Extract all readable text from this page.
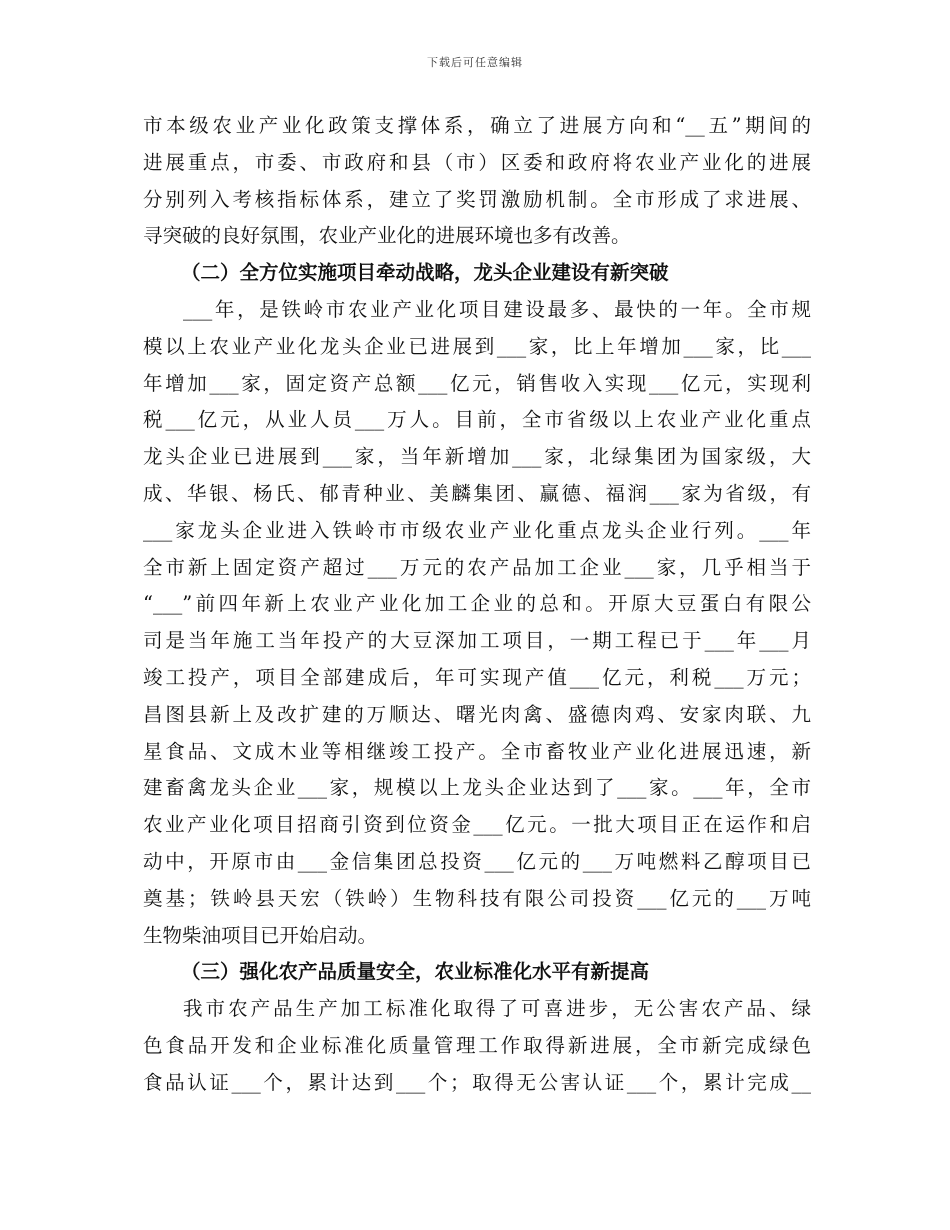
下载后可任意编辑
市本级农业产业化政策支撑体系，确立了进展方向和“__五”期间的
进展重点，市委、市政府和县（市）区委和政府将农业产业化的进展
分别列入考核指标体系，建立了奖罚激励机制。全市形成了求进展、
寻突破的良好氛围，农业产业化的进展环境也多有改善。
（二）全方位实施项目牵动战略，龙头企业建设有新突破
___年，是铁岭市农业产业化项目建设最多、最快的一年。全市规
模以上农业产业化龙头企业已进展到___家，比上年增加___家，比___
年增加___家，固定资产总额___亿元，销售收入实现___亿元，实现利
税___亿元，从业人员___万人。目前，全市省级以上农业产业化重点
龙头企业已进展到___家，当年新增加___家，北绿集团为国家级，大
成、华银、杨氏、郁青种业、美麟集团、赢德、福润___家为省级，有
___家龙头企业进入铁岭市市级农业产业化重点龙头企业行列。___年
全市新上固定资产超过___万元的农产品加工企业___家，几乎相当于
“___”前四年新上农业产业化加工企业的总和。开原大豆蛋白有限公
司是当年施工当年投产的大豆深加工项目，一期工程已于___年___月
竣工投产，项目全部建成后，年可实现产值___亿元，利税___万元；
昌图县新上及改扩建的万顺达、曙光肉禽、盛德肉鸡、安家肉联、九
星食品、文成木业等相继竣工投产。全市畜牧业产业化进展迅速，新
建畜禽龙头企业___家，规模以上龙头企业达到了___家。___年，全市
农业产业化项目招商引资到位资金___亿元。一批大项目正在运作和启
动中，开原市由___金信集团总投资___亿元的___万吨燃料乙醇项目已
奠基；铁岭县天宏（铁岭）生物科技有限公司投资___亿元的___万吨
生物柴油项目已开始启动。
（三）强化农产品质量安全，农业标准化水平有新提高
我市农产品生产加工标准化取得了可喜进步，无公害农产品、绿
色食品开发和企业标准化质量管理工作取得新进展，全市新完成绿色
食品认证___个，累计达到___个；取得无公害认证___个，累计完成__
